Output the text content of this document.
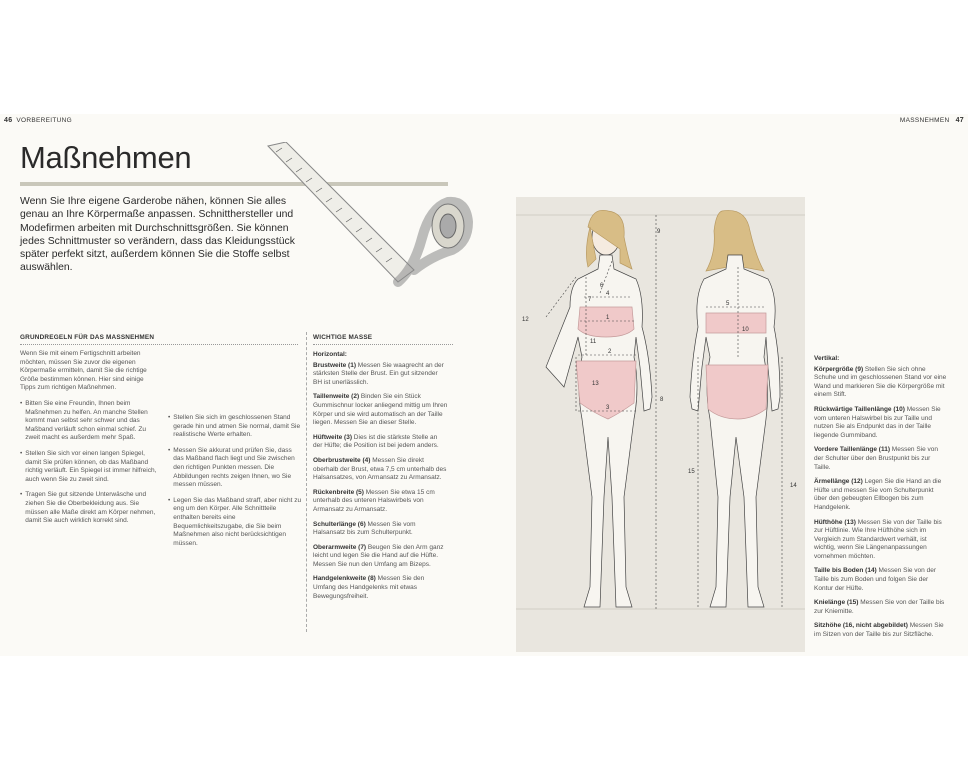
46 VORBEREITUNG	MASSNEHMEN 47
Maßnehmen
Wenn Sie Ihre eigene Garderobe nähen, können Sie alles genau an Ihre Körpermaße anpassen. Schnitthersteller und Modefirmen arbeiten mit Durchschnittsgrößen. Sie können jedes Schnittmuster so verändern, dass das Kleidungsstück später perfekt sitzt, außerdem können Sie die Stoffe selbst auswählen.
GRUNDREGELN FÜR DAS MASSNEHMEN

Wenn Sie mit einem Fertigschnitt arbeiten möchten, müssen Sie zuvor die eigenen Körpermaße ermitteln, damit Sie die richtige Größe bestimmen können. Hier sind einige Tipps zum richtigen Maßnehmen.

• Bitten Sie eine Freundin, Ihnen beim Maßnehmen zu helfen. An manche Stellen kommt man selbst sehr schwer und das Maßband verläuft schon einmal schief. Zu zweit macht es außerdem mehr Spaß.

• Stellen Sie sich vor einen langen Spiegel, damit Sie prüfen können, ob das Maßband richtig verläuft. Ein Spiegel ist immer hilfreich, auch wenn Sie zu zweit sind.

• Tragen Sie gut sitzende Unterwäsche und ziehen Sie die Oberbekleidung aus. Sie müssen alle Maße direkt am Körper nehmen, damit Sie auch wirklich korrekt sind.

• Stellen Sie sich im geschlossenen Stand gerade hin und atmen Sie normal, damit Sie realistische Werte erhalten.

• Messen Sie akkurat und prüfen Sie, dass das Maßband flach liegt und Sie zwischen den richtigen Punkten messen. Die Abbildungen rechts zeigen Ihnen, wo Sie messen müssen.

• Legen Sie das Maßband straff, aber nicht zu eng um den Körper. Alle Schnittteile enthalten bereits eine Bequemlichkeitszugabe, die Sie beim Maßnehmen also nicht berücksichtigen müssen.

WICHTIGE MASSE
Horizontal:
Brustweite (1) Messen Sie waagrecht an der stärksten Stelle der Brust. Ein gut sitzender BH ist unerlässlich.
Taillenweite (2) Binden Sie ein Stück Gummischnur locker anliegend mittig um Ihren Körper und sie wird automatisch an der Taille liegen. Messen Sie an dieser Stelle.
Hüftweite (3) Dies ist die stärkste Stelle an der Hüfte; die Position ist bei jedem anders.
Oberbrustweite (4) Messen Sie direkt oberhalb der Brust, etwa 7,5 cm unterhalb des Halsansatzes, von Armansatz zu Armansatz.
Rückenbreite (5) Messen Sie etwa 15 cm unterhalb des unteren Halswirbels von Armansatz zu Armansatz.
Schulterlänge (6) Messen Sie vom Halsansatz bis zum Schulterpunkt.
Oberarmweite (7) Beugen Sie den Arm ganz leicht und legen Sie die Hand auf die Hüfte. Messen Sie nun den Umfang am Bizeps.
Handgelenkweite (8) Messen Sie den Umfang des Handgelenks mit etwas Bewegungsfreiheit.
1
2
3
4
5
6
7
8
9
10
11
12
13
14
15
Vertikal:
Körpergröße (9) Stellen Sie sich ohne Schuhe und im geschlossenen Stand vor eine Wand und markieren Sie die Körpergröße mit einem Stift.
Rückwärtige Taillenlänge (10) Messen Sie vom unteren Halswirbel bis zur Taille und nutzen Sie als Endpunkt das in der Taille liegende Gummiband.
Vordere Taillenlänge (11) Messen Sie von der Schulter über den Brustpunkt bis zur Taille.
Ärmellänge (12) Legen Sie die Hand an die Hüfte und messen Sie vom Schulterpunkt über den gebeugten Ellbogen bis zum Handgelenk.
Hüfthöhe (13) Messen Sie von der Taille bis zur Hüftlinie. Wie Ihre Hüfthöhe sich im Vergleich zum Standardwert verhält, ist wichtig, wenn Sie Längenanpassungen vornehmen möchten.
Taille bis Boden (14) Messen Sie von der Taille bis zum Boden und folgen Sie der Kontur der Hüfte.
Knielänge (15) Messen Sie von der Taille bis zur Kniemitte.
Sitzhöhe (16, nicht abgebildet) Messen Sie im Sitzen von der Taille bis zur Sitzfläche.
